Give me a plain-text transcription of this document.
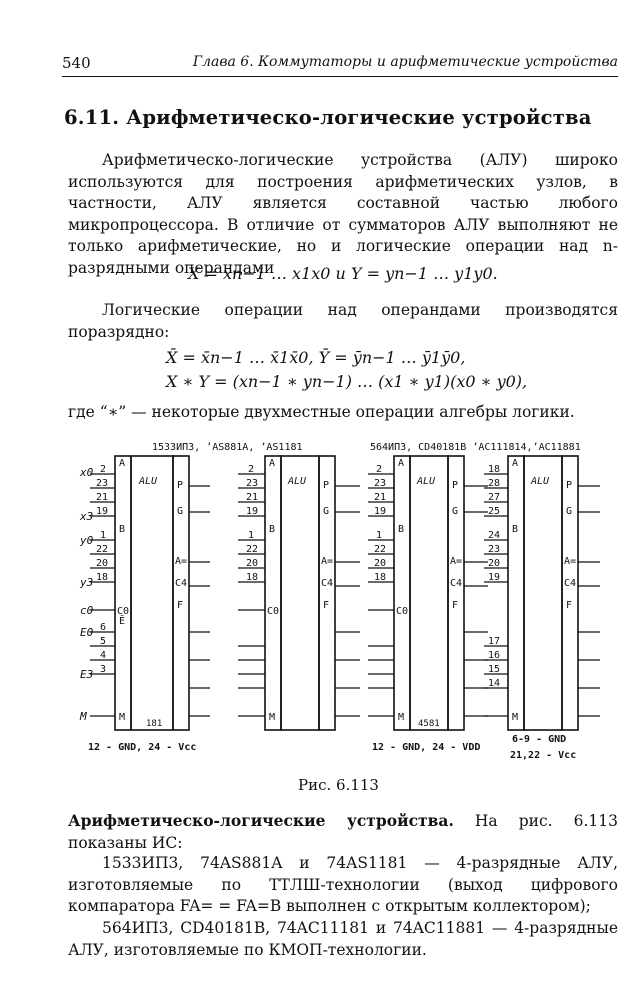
540	Глава 6. Коммутаторы и арифметические устройства
6.11. Арифметическо-логические устройства

Арифметическо-логические устройства (АЛУ) широко используются для построения арифметических узлов, в частности, АЛУ является составной частью любого микропроцессора. В отличие от сумматоров АЛУ выполняют не только арифметические, но и логические операции над n-разрядными операндами

X = xn−1 … x1x0 и Y = yn−1 … y1y0.

Логические операции над операндами производятся поразрядно:

X̄ = x̄n−1 … x̄1x̄0, Ȳ = ȳn−1 … ȳ1ȳ0,
X ∗ Y = (xn−1 ∗ yn−1) … (x1 ∗ y1)(x0 ∗ y0),

где “∗” — некоторые двухместные операции алгебры логики.

1533ИП3, ’AS881A, ’AS1181	564ИП3, CD40181B ’AC111814,’AC11881
ALU	ALU	ALU	ALU
x0
x3
y0
y3
c0
E0
E3
M
2
23
21
19
1
22
20
18
6
5
4
3
A
B
Ē
M
C0
P
G
A=
C4
F
2
23
21
19
1
22
20
18
A
B
C0
M
P
G
A=
C4
F
A
B
C0
M
P
G
A=
C4
F
2
23
21
19
1
22
20
18
A
B
M
P
G
A=
C4
F
18
28
27
25
24
23
20
19
17
16
15
14
181	4581
12 - GND, 24 - Vcc	12 - GND, 24 - VDD
6-9 - GND
21,22 - Vcc
Рис. 6.113

Арифметическо-логические устройства. На рис. 6.113 показаны ИС:

1533ИП3, 74AS881A и 74AS1181 — 4-разрядные АЛУ, изготовляемые по ТТЛШ-технологии (выход цифрового компаратора FA= = FA=B выполнен с открытым коллектором);

564ИП3, CD40181B, 74AC11181 и 74AC11881 — 4-разрядные АЛУ, изготовляемые по КМОП-технологии.
